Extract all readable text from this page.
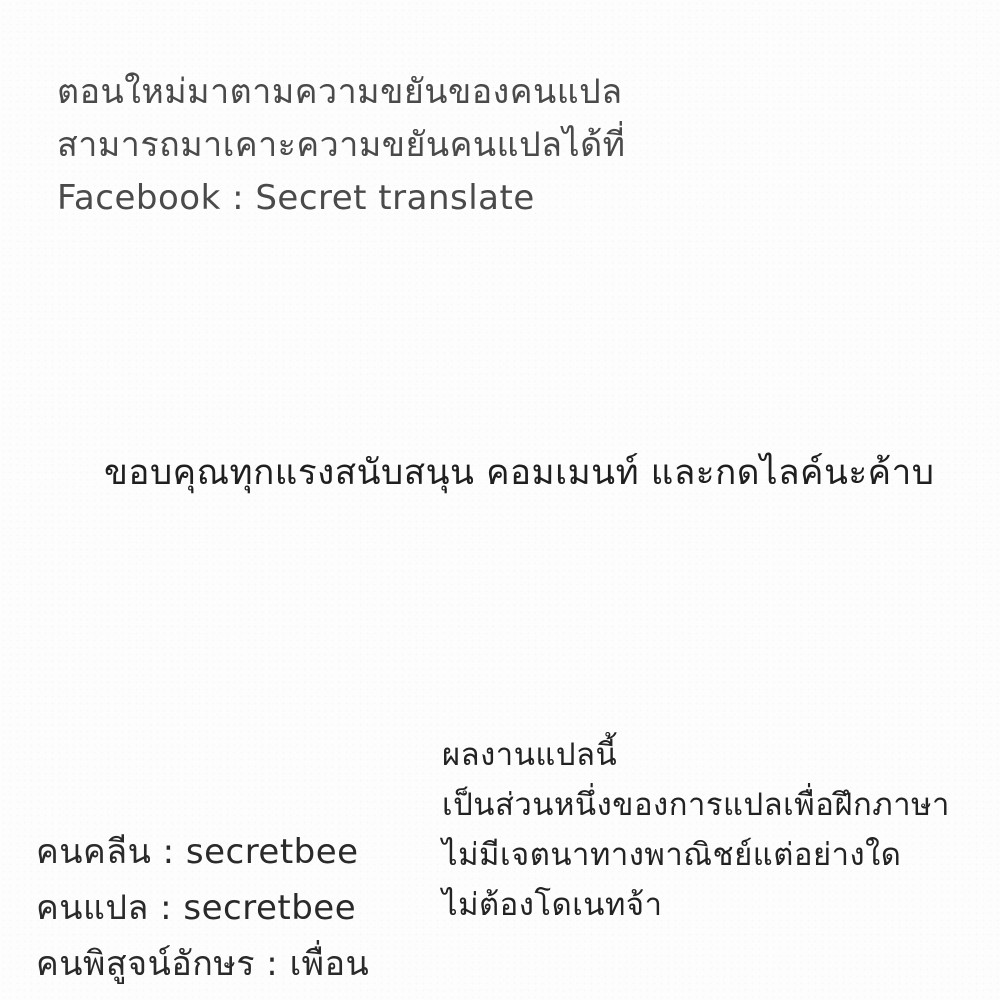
ตอนใหม่มาตามความขยันของคนแปล
สามารถมาเคาะความขยันคนแปลได้ที่
Facebook : Secret translate
ขอบคุณทุกแรงสนับสนุน คอมเมนท์ และกดไลค์นะค้าบ
ผลงานแปลนี้
เป็นส่วนหนึ่งของการแปลเพื่อฝึกภาษา
ไม่มีเจตนาทางพาณิชย์แต่อย่างใด
ไม่ต้องโดเนทจ้า
คนคลีน : secretbee
คนแปล : secretbee
คนพิสูจน์อักษร : เพื่อน
